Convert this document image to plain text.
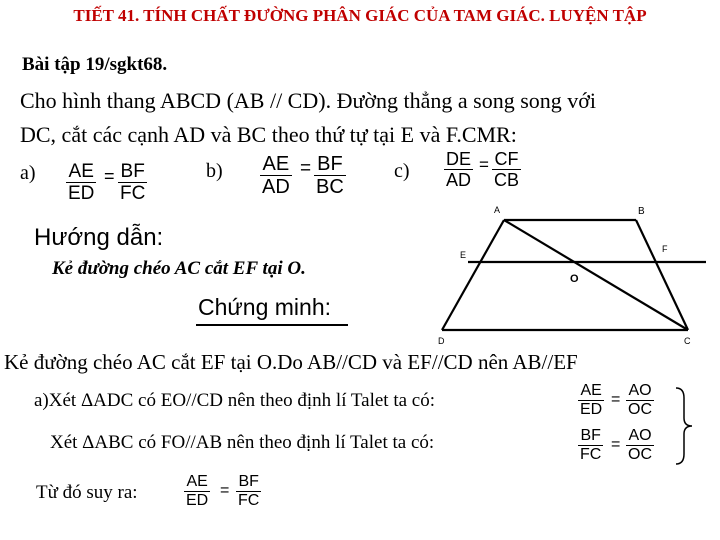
TIẾT 41. TÍNH CHẤT ĐƯỜNG PHÂN GIÁC CỦA TAM GIÁC. LUYỆN TẬP
Bài tập 19/sgkt68.
Cho hình thang ABCD (AB // CD). Đường thẳng a song song với
DC, cắt các cạnh AD và BC theo thứ tự tại E và F.CMR:
$a) \frac{AE}{ED} = \frac{BF}{FC}$	$b) \frac{AE}{AD} = \frac{BF}{BC} c) \frac{DE}{AD} = \frac{CF}{CB}$
Hướng dẫn:
Kẻ đường chéo AC cắt EF tại O.
A	B
E
F
O
D	C
Chứng minh:
Kẻ đường chéo AC cắt EF tại O.Do AB//CD và EF//CD nên AB//EF
a)Xét ΔADC có EO//CD nên theo định lí Talet ta có:	$\frac{AE}{ED} = \frac{AO}{OC}$
Xét ΔABC có FO//AB nên theo định lí Talet ta có:	$\frac{BF}{FC} = \frac{AO}{OC}$
Từ đó suy ra:	$\frac{AE}{ED} = \frac{BF}{FC}$
